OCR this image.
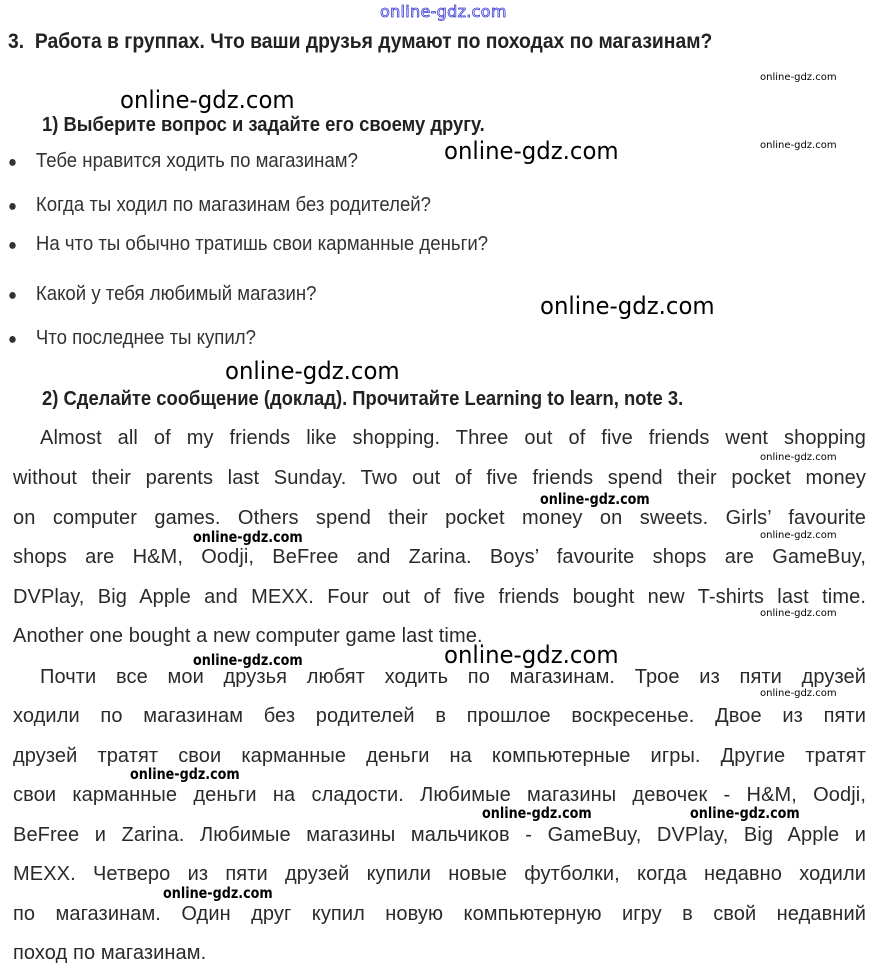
online-gdz.com
3. Работа в группах. Что ваши друзья думают по походах по магазинам?
online-gdz.com
online-gdz.com
1) Выберите вопрос и задайте его своему другу.
online-gdz.com
online-gdz.com
● Тебе нравится ходить по магазинам?
● Когда ты ходил по магазинам без родителей?
● На что ты обычно тратишь свои карманные деньги?
● Какой у тебя любимый магазин?	online-gdz.com
● Что последнее ты купил?
online-gdz.com
2) Сделайте сообщение (доклад). Прочитайте Learning to learn, note 3.
Almost all of my friends like shopping. Three out of five friends went shopping
without their parents last Sunday. Two out of five friends spend their pocket money
on computer games. Others spend their pocket money on sweets. Girls’ favourite
shops are H&M, Oodji, BeFree and Zarina. Boys’ favourite shops are GameBuy,
DVPlay, Big Apple and MEXX. Four out of five friends bought new T-shirts last time.
Another one bought a new computer game last time.
online-gdz.com
online-gdz.com
online-gdz.com	online-gdz.com
online-gdz.com
online-gdz.com	online-gdz.com
Почти все мои друзья любят ходить по магазинам. Трое из пяти друзей
ходили по магазинам без родителей в прошлое воскресенье. Двое из пяти
друзей тратят свои карманные деньги на компьютерные игры. Другие тратят
свои карманные деньги на сладости. Любимые магазины девочек - H&M, Oodji,
BeFree и Zarina. Любимые магазины мальчиков - GameBuy, DVPlay, Big Apple и
MEXX. Четверо из пяти друзей купили новые футболки, когда недавно ходили
по магазинам. Один друг купил новую компьютерную игру в свой недавний
поход по магазинам.
online-gdz.com
online-gdz.com
online-gdz.com	online-gdz.com
online-gdz.com
